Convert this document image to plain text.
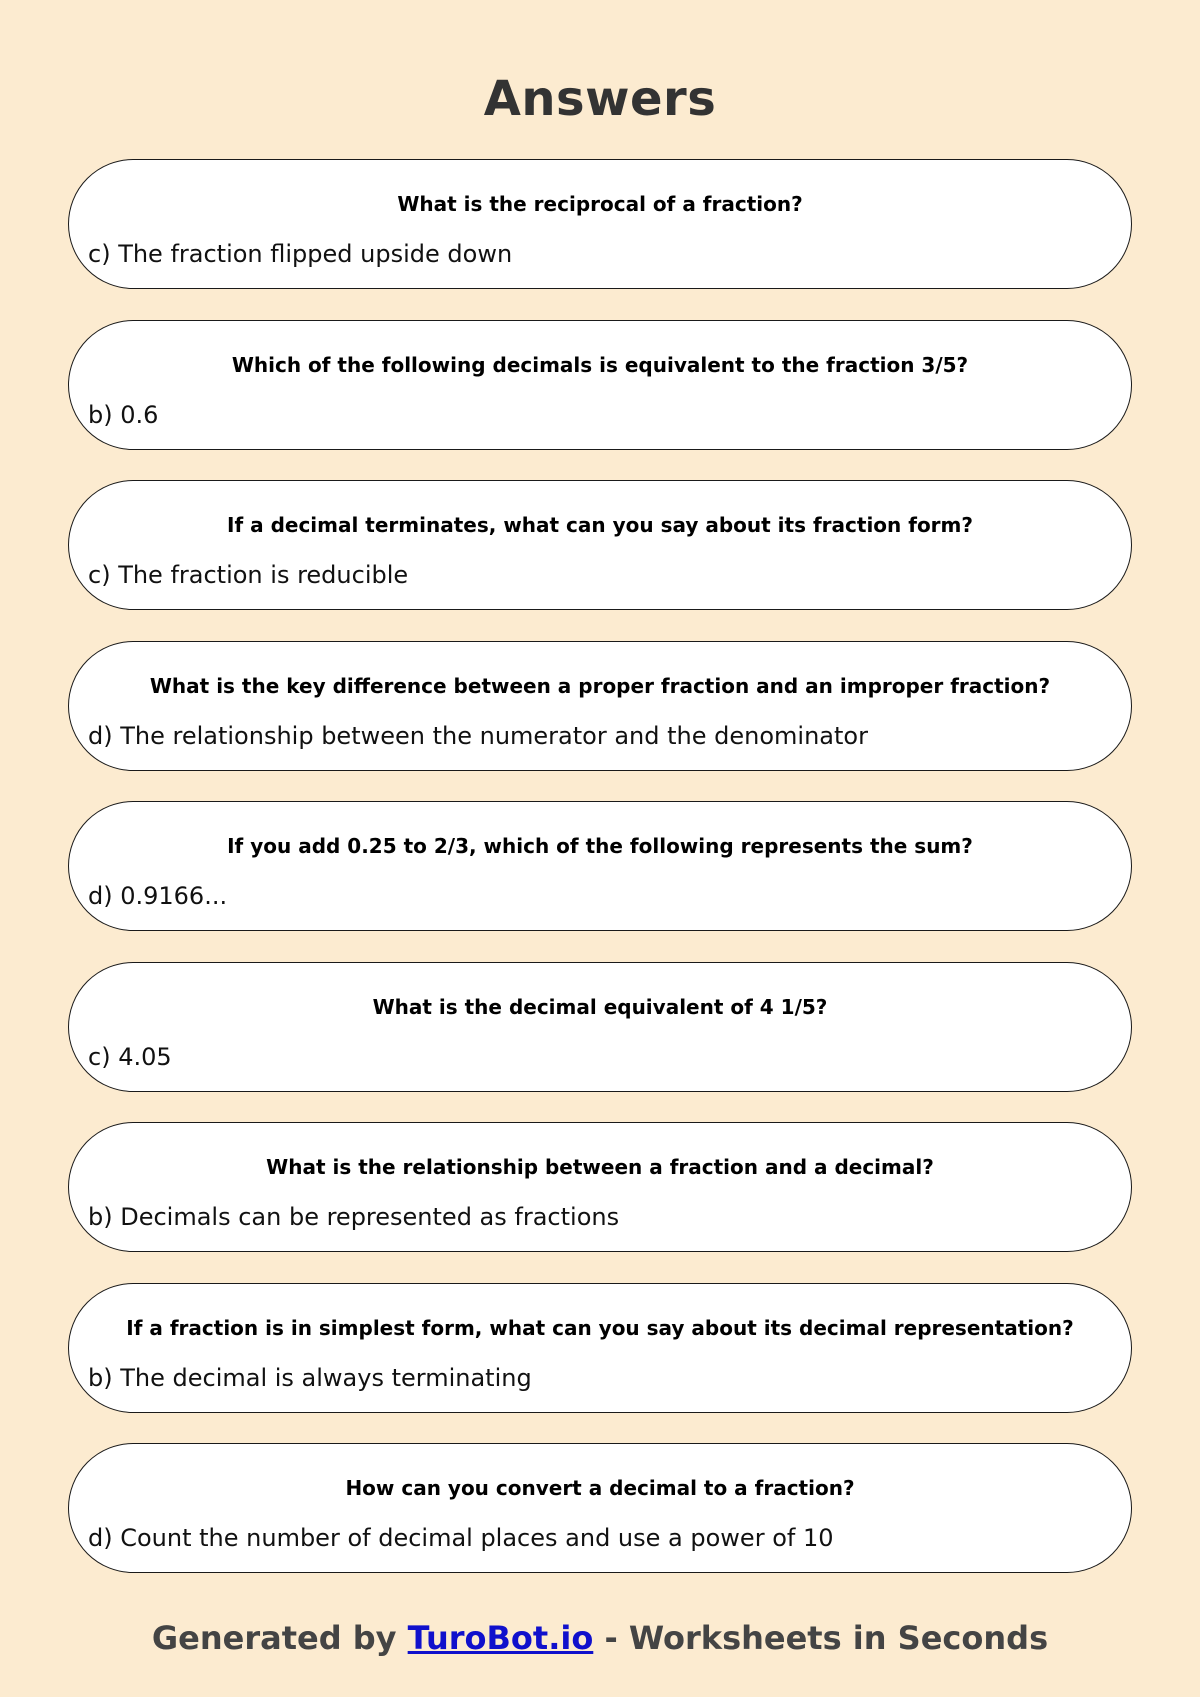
Answers
What is the reciprocal of a fraction?
c) The fraction flipped upside down
Which of the following decimals is equivalent to the fraction 3/5?
b) 0.6
If a decimal terminates, what can you say about its fraction form?
c) The fraction is reducible
What is the key difference between a proper fraction and an improper fraction?
d) The relationship between the numerator and the denominator
If you add 0.25 to 2/3, which of the following represents the sum?
d) 0.9166...
What is the decimal equivalent of 4 1/5?
c) 4.05
What is the relationship between a fraction and a decimal?
b) Decimals can be represented as fractions
If a fraction is in simplest form, what can you say about its decimal representation?
b) The decimal is always terminating
How can you convert a decimal to a fraction?
d) Count the number of decimal places and use a power of 10
Generated by TuroBot.io - Worksheets in Seconds
